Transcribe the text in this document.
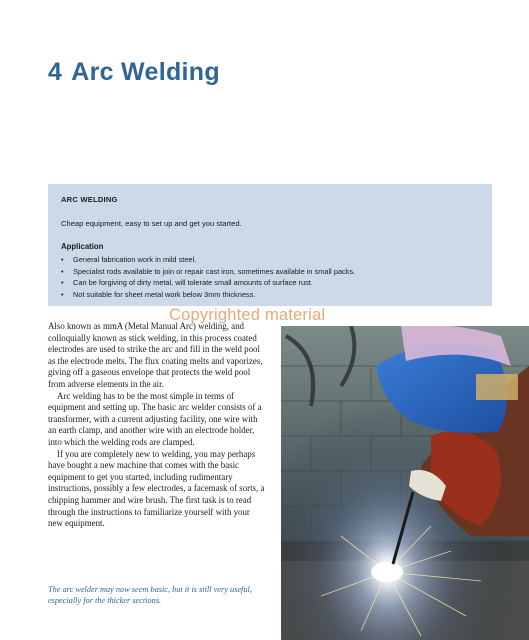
4 Arc Welding
ARC WELDING
Cheap equipment, easy to set up and get you started.
Application
• General fabrication work in mild steel.
• Specialist rods available to join or repair cast iron, sometimes available in small packs.
• Can be forgiving of dirty metal, will tolerate small amounts of surface rust.
• Not suitable for sheet metal work below 3mm thickness.

Also known as mmA (Metal Manual Arc) welding, and colloquially known as stick welding, in this process coated electrodes are used to strike the arc and fill in the weld pool as the electrode melts. The flux coating melts and vaporizes, giving off a gaseous envelope that protects the weld pool from adverse elements in the air.

Arc welding has to be the most simple in terms of equipment and setting up. The basic arc welder consists of a transformer, with a current adjusting facility, one wire with an earth clamp, and another wire with an electrode holder, into which the welding rods are clamped.

If you are completely new to welding, you may perhaps have bought a new machine that comes with the basic equipment to get you started, including rudimentary instructions, possibly a few electrodes, a facemask of sorts, a chipping hammer and wire brush. The first task is to read through the instructions to familiarize yourself with your new equipment.

The arc welder may now seem basic, but it is still very useful, especially for the thicker sections.
Copyrighted material
